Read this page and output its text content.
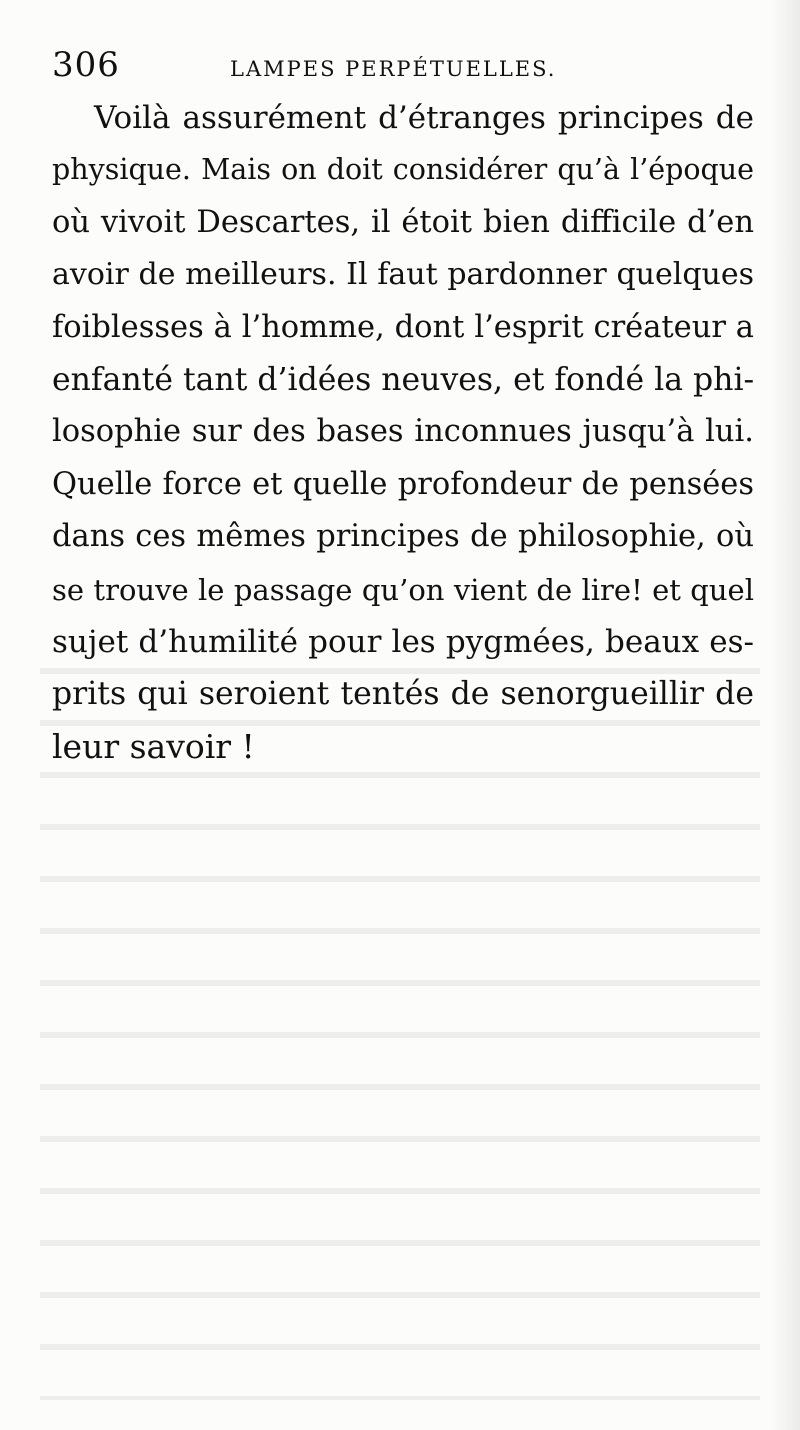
306	LAMPES PERPÉTUELLES.
Voilà assurément d’étranges principes de
physique. Mais on doit considérer qu’à l’époque
où vivoit Descartes, il étoit bien difficile d’en
avoir de meilleurs. Il faut pardonner quelques
foiblesses à l’homme, dont l’esprit créateur a
enfanté tant d’idées neuves, et fondé la phi-
losophie sur des bases inconnues jusqu’à lui.
Quelle force et quelle profondeur de pensées
dans ces mêmes principes de philosophie, où
se trouve le passage qu’on vient de lire! et quel
sujet d’humilité pour les pygmées, beaux es-
prits qui seroient tentés de senorgueillir de
leur savoir !
